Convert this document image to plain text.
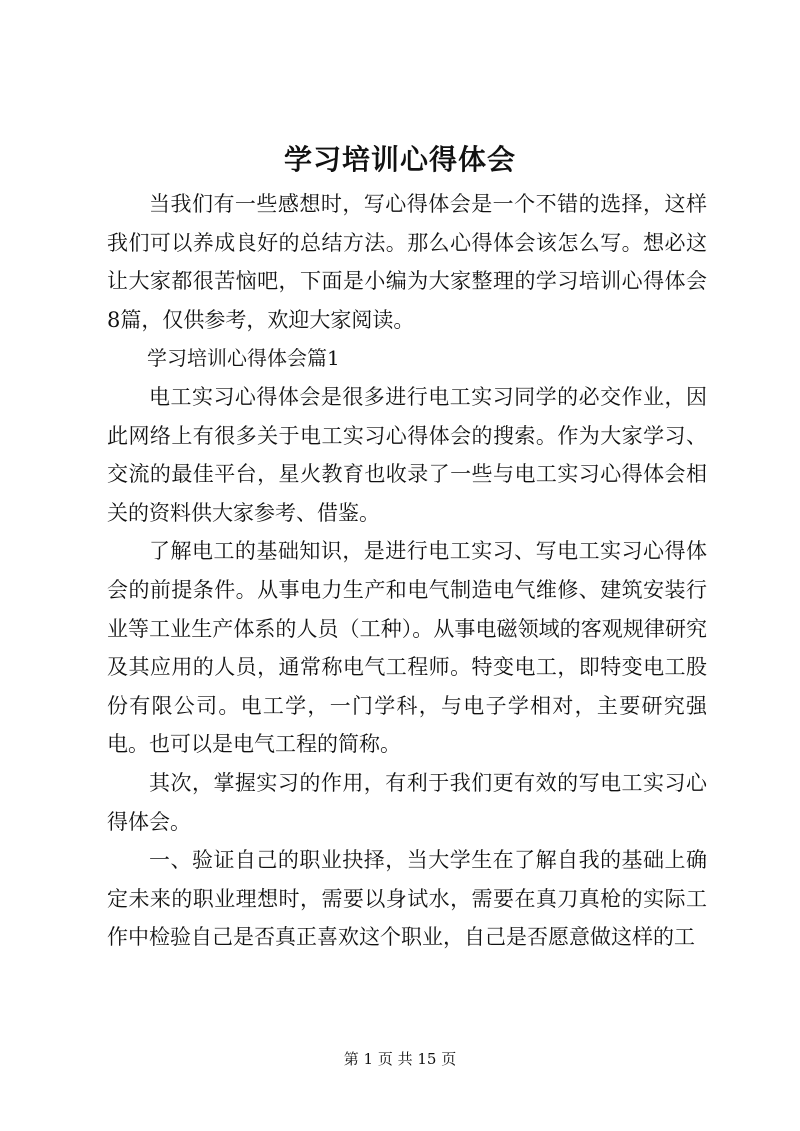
学习培训心得体会

当我们有一些感想时，写心得体会是一个不错的选择，这样我们可以养成良好的总结方法。那么心得体会该怎么写。想必这让大家都很苦恼吧，下面是小编为大家整理的学习培训心得体会8篇，仅供参考，欢迎大家阅读。

学习培训心得体会篇1

电工实习心得体会是很多进行电工实习同学的必交作业，因此网络上有很多关于电工实习心得体会的搜索。作为大家学习、交流的最佳平台，星火教育也收录了一些与电工实习心得体会相关的资料供大家参考、借鉴。

了解电工的基础知识，是进行电工实习、写电工实习心得体会的前提条件。从事电力生产和电气制造电气维修、建筑安装行业等工业生产体系的人员（工种）。从事电磁领域的客观规律研究及其应用的人员，通常称电气工程师。特变电工，即特变电工股份有限公司。电工学，一门学科，与电子学相对，主要研究强电。也可以是电气工程的简称。

其次，掌握实习的作用，有利于我们更有效的写电工实习心得体会。

一、验证自己的职业抉择，当大学生在了解自我的基础上确定未来的职业理想时，需要以身试水，需要在真刀真枪的实际工作中检验自己是否真正喜欢这个职业，自己是否愿意做这样的工

第 1 页 共 15 页
